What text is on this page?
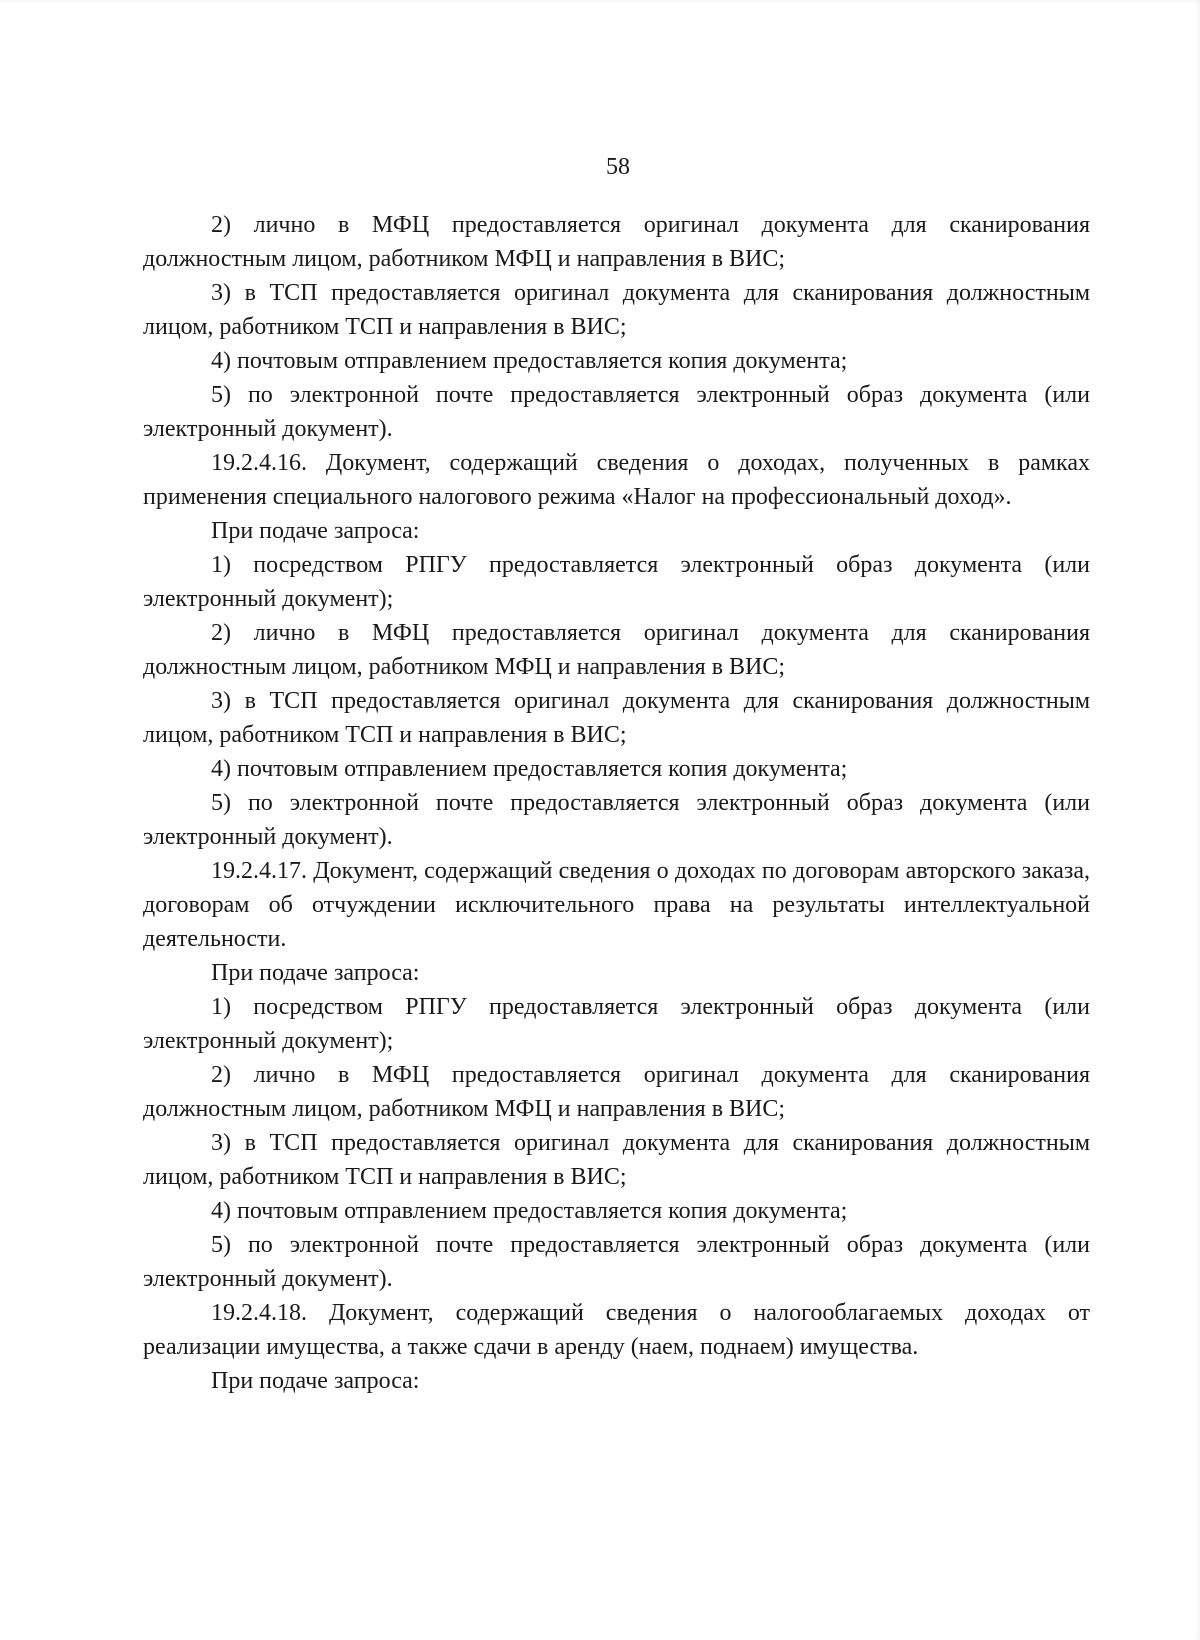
58

2) лично в МФЦ предоставляется оригинал документа для сканирования должностным лицом, работником МФЦ и направления в ВИС;

3) в ТСП предоставляется оригинал документа для сканирования должностным лицом, работником ТСП и направления в ВИС;

4) почтовым отправлением предоставляется копия документа;

5) по электронной почте предоставляется электронный образ документа (или электронный документ).

19.2.4.16. Документ, содержащий сведения о доходах, полученных в рамках применения специального налогового режима «Налог на профессиональный доход».

При подаче запроса:

1) посредством РПГУ предоставляется электронный образ документа (или электронный документ);

2) лично в МФЦ предоставляется оригинал документа для сканирования должностным лицом, работником МФЦ и направления в ВИС;

3) в ТСП предоставляется оригинал документа для сканирования должностным лицом, работником ТСП и направления в ВИС;

4) почтовым отправлением предоставляется копия документа;

5) по электронной почте предоставляется электронный образ документа (или электронный документ).

19.2.4.17. Документ, содержащий сведения о доходах по договорам авторского заказа, договорам об отчуждении исключительного права на результаты интеллектуальной деятельности.

При подаче запроса:

1) посредством РПГУ предоставляется электронный образ документа (или электронный документ);

2) лично в МФЦ предоставляется оригинал документа для сканирования должностным лицом, работником МФЦ и направления в ВИС;

3) в ТСП предоставляется оригинал документа для сканирования должностным лицом, работником ТСП и направления в ВИС;

4) почтовым отправлением предоставляется копия документа;

5) по электронной почте предоставляется электронный образ документа (или электронный документ).

19.2.4.18. Документ, содержащий сведения о налогооблагаемых доходах от реализации имущества, а также сдачи в аренду (наем, поднаем) имущества.

При подаче запроса:
